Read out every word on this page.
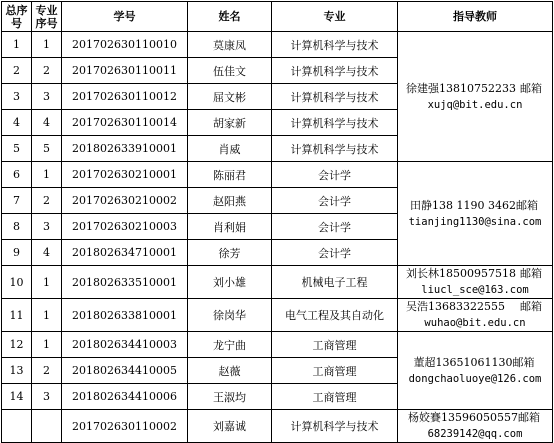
总序号	专业序号	学号	姓名	专业	指导教师
1	1	201702630110010	莫康凤	计算机科学与技术	徐建强13810752233 邮箱
xujq@bit.edu.cn

2	2	201702630110011	伍佳文	计算机科学与技术	
3	3	201702630110012	屈文彬	计算机科学与技术	
4	4	201702630110014	胡家新	计算机科学与技术	
5	5	201802633910001	肖威	计算机科学与技术	
6	1	201702630210001	陈丽君	会计学	田静138 1190 3462邮箱
tianjing1130@sina.com

7	2	201702630210002	赵阳燕	会计学	
8	3	201702630210003	肖利娟	会计学	
9	4	201802634710001	徐芳	会计学	
10	1	201802633510001	刘小雄	机械电子工程	刘长林18500957518 邮箱
liucl_sce@163.com

11	1	201802633810001	徐岗华	电气工程及其自动化	吴浩13683322555 邮箱
wuhao@bit.edu.cn

12	1	201802634410003	龙宁曲	工商管理	董超13651061130邮箱
dongchaoluoye@126.com

13	2	201802634410005	赵薇	工商管理	
14	3	201802634410006	王淑均	工商管理	
		201702630110002	刘嘉诚	计算机科学与技术	杨姣賽13596050557邮箱
68239142@qq.com
